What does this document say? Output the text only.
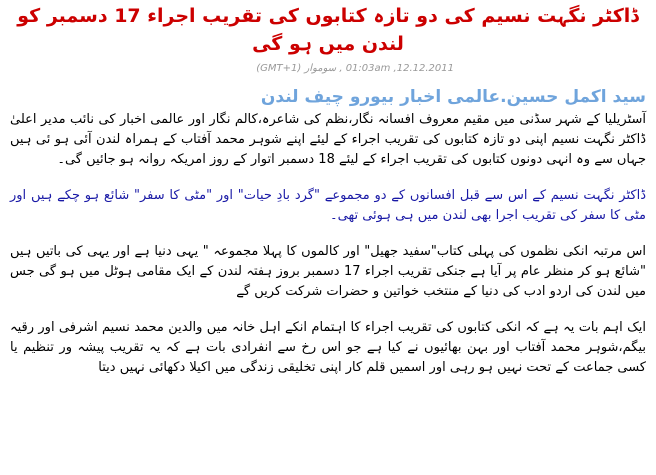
ڈاکٹر نگہت نسیم کی دو تازہ کتابوں کی تقریب اجراء 17 دسمبر کو لندن میں ہو گی
12.12.2011, 01:03am , سوموار (GMT+1)
سید اکمل حسین.عالمی اخبار بیورو چیف لندن

آسٹریلیا کے شہر سڈنی میں مقیم معروف افسانہ نگار،نظم کی شاعرہ،کالم نگار اور عالمی اخبار کی نائب مدیر اعلیٰ ڈاکٹر نگہت نسیم اپنی دو تازہ کتابوں کی تقریب اجراء کے لیئے اپنے شوہر محمد آفتاب کے ہمراہ لندن آئی ہو ئی ہیں جہاں سے وہ انہی دونوں کتابوں کی تقریب اجراء کے لیئے 18 دسمبر اتوار کے روز امریکہ روانہ ہو جائیں گی۔

ڈاکٹر نگہت نسیم کے اس سے قبل افسانوں کے دو مجموعے "گرد بادِ حیات" اور "مٹی کا سفر" شائع ہو چکے ہیں اور مٹی کا سفر کی تقریب اجرا بھی لندن میں ہی ہوئی تھی۔

اس مرتبہ انکی نظموں کی پہلی کتاب"سفید جھیل" اور کالموں کا پہلا مجموعہ " یہی دنیا ہے اور یہی کی باتیں ہیں "شائع ہو کر منظر عام پر آیا ہے جنکی تقریب اجراء 17 دسمبر بروز ہفتہ لندن کے ایک مقامی ہوٹل میں ہو گی جس میں لندن کی اردو ادب کی دنیا کے منتخب خواتین و حضرات شرکت کریں گے

ایک اہم بات یہ ہے کہ انکی کتابوں کی تقریب اجراء کا اہتمام انکے اہل خانہ میں والدین محمد نسیم اشرفی اور رقیہ بیگم،شوہر محمد آفتاب اور بہن بھائیوں نے کیا ہے جو اس رخ سے انفرادی بات ہے کہ یہ تقریب پیشہ ور تنظیم یا کسی جماعت کے تحت نہیں ہو رہی اور اسمیں قلم کار اپنی تخلیقی زندگی میں اکیلا دکھائی نہیں دیتا
